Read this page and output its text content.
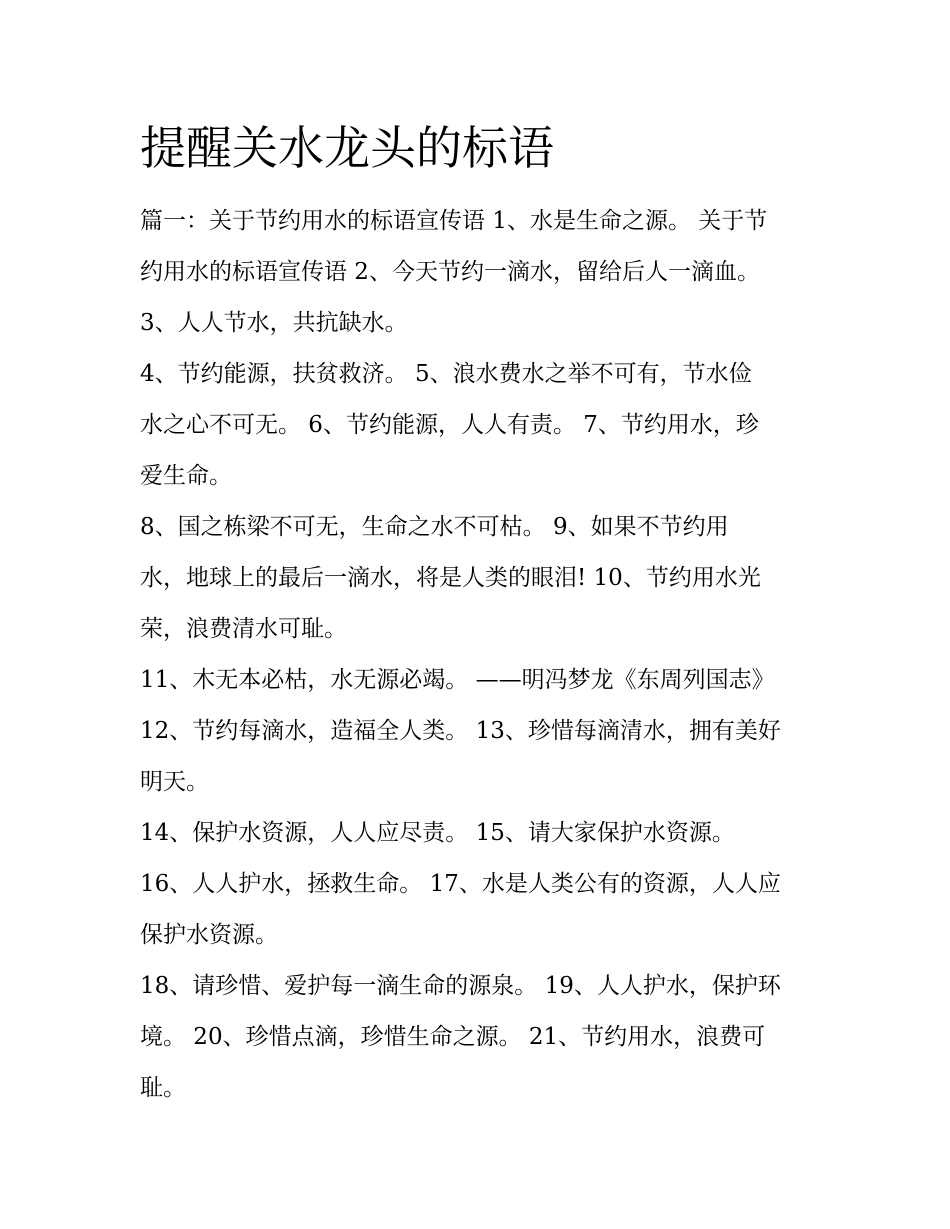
提醒关水龙头的标语
篇一：关于节约用水的标语宣传语 1、水是生命之源。 关于节
约用水的标语宣传语 2、今天节约一滴水，留给后人一滴血。
3、人人节水，共抗缺水。
4、节约能源，扶贫救济。 5、浪水费水之举不可有，节水俭
水之心不可无。 6、节约能源，人人有责。 7、节约用水，珍
爱生命。
8、国之栋梁不可无，生命之水不可枯。 9、如果不节约用
水，地球上的最后一滴水，将是人类的眼泪! 10、节约用水光
荣，浪费清水可耻。
11、木无本必枯，水无源必竭。 ——明冯梦龙《东周列国志》
12、节约每滴水，造福全人类。 13、珍惜每滴清水，拥有美好
明天。
14、保护水资源，人人应尽责。 15、请大家保护水资源。
16、人人护水，拯救生命。 17、水是人类公有的资源，人人应
保护水资源。
18、请珍惜、爱护每一滴生命的源泉。 19、人人护水，保护环
境。 20、珍惜点滴，珍惜生命之源。 21、节约用水，浪费可
耻。
